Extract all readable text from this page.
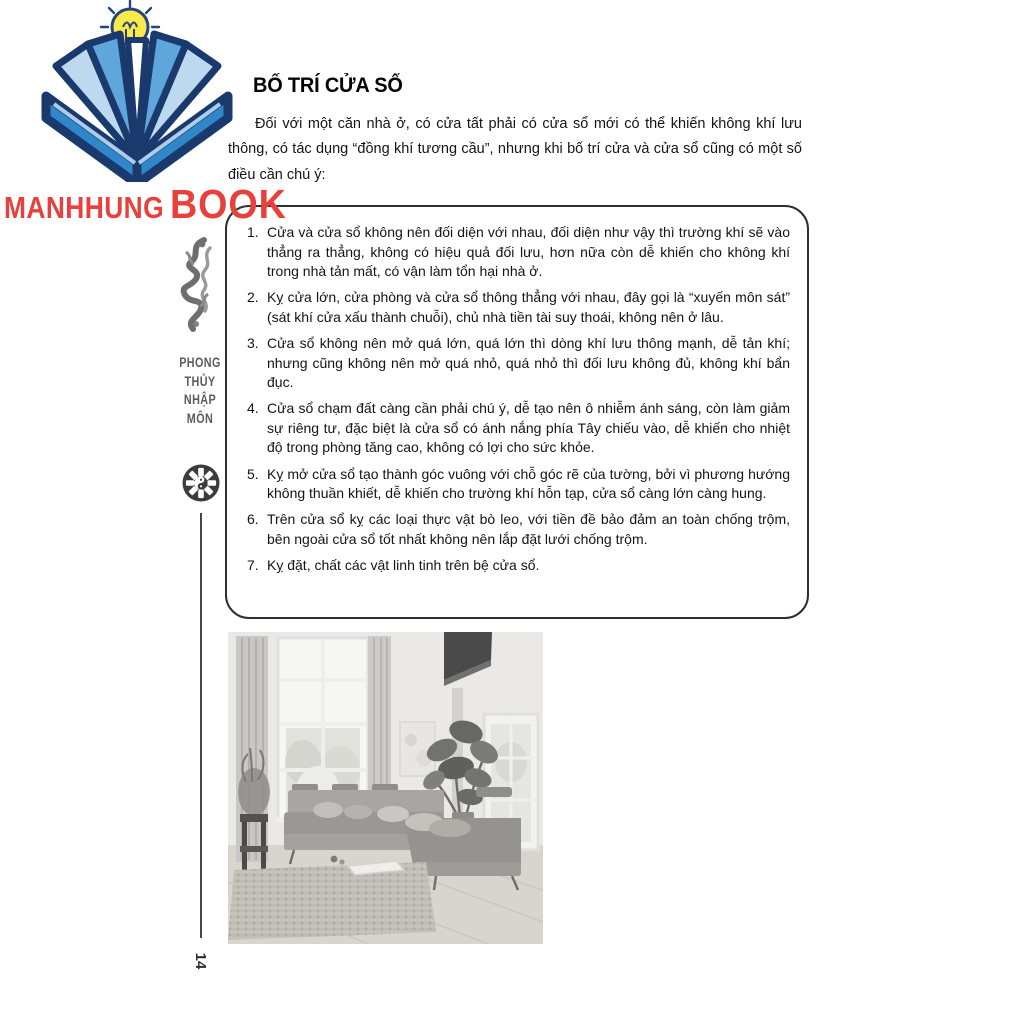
MANHHUNG BOOK
PHONG
THỦY
NHẬP
MÔN
14
BỐ TRÍ CỬA SỔ

Đối với một căn nhà ở, có cửa tất phải có cửa sổ mới có thể khiến không khí lưu thông, có tác dụng “đồng khí tương cầu”, nhưng khi bố trí cửa và cửa sổ cũng có một số điều cần chú ý:

1. Cửa và cửa sổ không nên đối diện với nhau, đối diện như vậy thì trường khí sẽ vào thẳng ra thẳng, không có hiệu quả đối lưu, hơn nữa còn dễ khiến cho không khí trong nhà tản mất, có vận làm tổn hại nhà ở.
2. Kỵ cửa lớn, cửa phòng và cửa sổ thông thẳng với nhau, đây gọi là “xuyến môn sát” (sát khí cửa xấu thành chuỗi), chủ nhà tiền tài suy thoái, không nên ở lâu.
3. Cửa sổ không nên mở quá lớn, quá lớn thì dòng khí lưu thông mạnh, dễ tản khí; nhưng cũng không nên mở quá nhỏ, quá nhỏ thì đối lưu không đủ, không khí bẩn đục.
4. Cửa sổ chạm đất càng cần phải chú ý, dễ tạo nên ô nhiễm ánh sáng, còn làm giảm sự riêng tư, đặc biệt là cửa sổ có ánh nắng phía Tây chiếu vào, dễ khiến cho nhiệt độ trong phòng tăng cao, không có lợi cho sức khỏe.
5. Kỵ mở cửa sổ tạo thành góc vuông với chỗ góc rẽ của tường, bởi vì phương hướng không thuần khiết, dễ khiến cho trường khí hỗn tạp, cửa sổ càng lớn càng hung.
6. Trên cửa sổ kỵ các loại thực vật bò leo, với tiền đề bảo đảm an toàn chống trộm, bên ngoài cửa sổ tốt nhất không nên lắp đặt lưới chống trộm.
7. Kỵ đặt, chất các vật linh tinh trên bệ cửa sổ.
